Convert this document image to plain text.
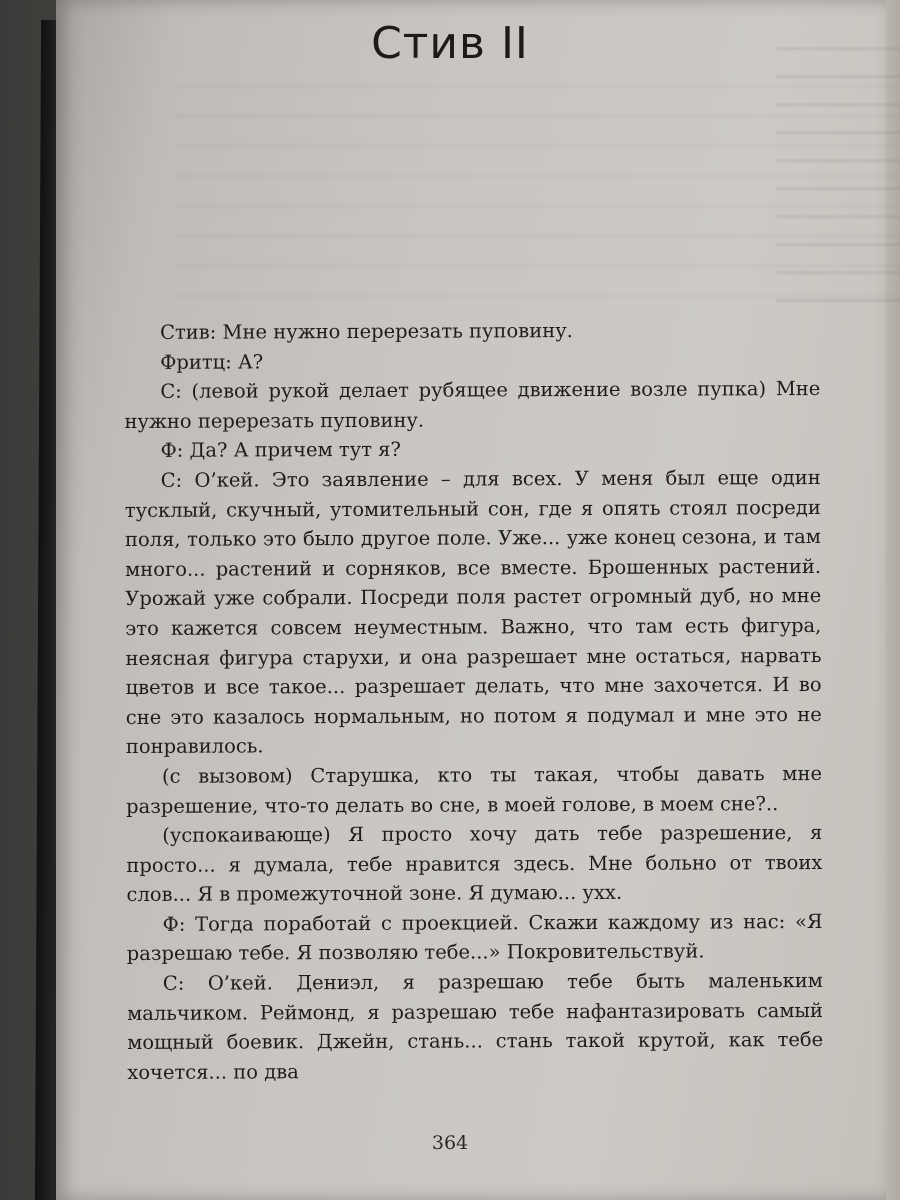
Стив II

Стив: Мне нужно перерезать пуповину.

Фритц: А?

С: (левой рукой делает рубящее движение возле пупка) Мне нужно перерезать пуповину.

Ф: Да? А причем тут я?

С: О’кей. Это заявление – для всех. У меня был еще один тусклый, скучный, утомительный сон, где я опять стоял посреди поля, только это было другое поле. Уже... уже конец сезона, и там много... растений и сорняков, все вместе. Брошенных растений. Урожай уже собрали. Посреди поля растет огромный дуб, но мне это кажется совсем неуместным. Важно, что там есть фигура, неясная фигура старухи, и она разрешает мне остаться, нарвать цветов и все такое... разрешает делать, что мне захочется. И во сне это казалось нормальным, но потом я подумал и мне это не понравилось.

(с вызовом) Старушка, кто ты такая, чтобы давать мне разрешение, что-то делать во сне, в моей голове, в моем сне?..

(успокаивающе) Я просто хочу дать тебе разрешение, я просто... я думала, тебе нравится здесь. Мне больно от твоих слов... Я в промежуточной зоне. Я думаю... ухх.

Ф: Тогда поработай с проекцией. Скажи каждому из нас: «Я разрешаю тебе. Я позволяю тебе...» Покровительствуй.

С: О’кей. Дениэл, я разрешаю тебе быть маленьким мальчиком. Реймонд, я разрешаю тебе нафантазировать самый мощный боевик. Джейн, стань... стань такой крутой, как тебе хочется... по два

364
